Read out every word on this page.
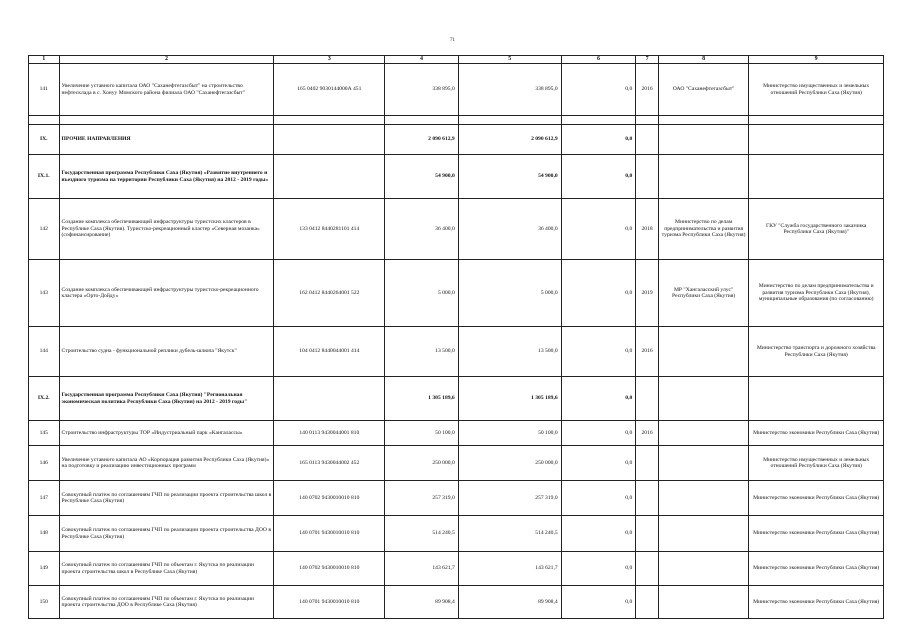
71
1	2	3	4	5	6	7	8	9
141	Увеличение уставного капитала ОАО "Саханефтегазсбыт" на строительство нефтесклада в с. Хонуу Момского района филиала ОАО "Саханефтегазсбыт"	165 0402 9030144000А 451	338 895,0	338 895,0	0,0	2016	ОАО "Саханефтегазсбыт"	Министерство имущественных и земельных отношений Республики Саха (Якутия)

IX.	ПРОЧИЕ НАПРАВЛЕНИЯ		2 090 612,9	2 090 612,9	0,0			
IX.1.	Государственная программа Республики Саха (Якутия) «Развитие внутреннего и въездного туризма на территории Республики Саха (Якутия) на 2012 - 2019 годы»		54 900,0	54 900,0	0,0			
142	Создание комплекса обеспечивающей инфраструктуры туристских кластеров в Республике Саха (Якутия). Туристско-рекреационный кластер «Северная мозаика» (софинансирование)	133 0412 8440281101 414	36 400,0	36 400,0	0,0	2018	Министерство по делам предпринимательства и развития туризма Республики Саха (Якутия)	ГКУ "Служба государственного заказчика Республики Саха (Якутия)"
143	Создание комплекса обеспечивающей инфраструктуры туристско-рекреационного кластера «Орто-Дойду»	162 0412 8440264001 522	5 000,0	5 000,0	0,0	2019	МР "Хангаласский улус" Республики Саха (Якутия)	Министерство по делам предпринимательства и развития туризма Республики Саха (Якутия), муниципальные образования (по согласованию)
144	Строительство судна - функциональной реплики дубель-шлюпа "Якутск"	104 0412 8440044001 414	13 500,0	13 500,0	0,0	2016		Министерство транспорта и дорожного хозяйства Республики Саха (Якутия)
IX.2.	Государственная программа Республики Саха (Якутия) "Региональная экономическая политика Республики Саха (Якутия) на 2012 - 2019 годы"		1 305 189,6	1 305 189,6	0,0			
145	Строительство инфраструктуры ТОР «Индустриальный парк «Кангалассы»	140 0113 9430044001 810	50 100,0	50 100,0	0,0	2016		Министерство экономики Республики Саха (Якутия)
146	Увеличение уставного капитала АО «Корпорация развития Республики Саха (Якутия)» на подготовку и реализацию инвестиционных программ	165 0113 9430044002 452	250 000,0	250 000,0	0,0			Министерство имущественных и земельных отношений Республики Саха (Якутия)
147	Совокупный платеж по соглашениям ГЧП по реализации проекта строительства школ в Республике Саха (Якутия)	140 0702 9430010010 810	257 319,0	257 319,0	0,0			Министерство экономики Республики Саха (Якутия)
148	Совокупный платеж по соглашениям ГЧП по реализации проекта строительства ДОО в Республике Саха (Якутия)	140 0701 9430010010 810	514 240,5	514 240,5	0,0			Министерство экономики Республики Саха (Якутия)
149	Совокупный платеж по соглашениям ГЧП по объектам г. Якутска по реализации проекта строительства школ в Республике Саха (Якутия)	140 0702 9430010010 810	143 621,7	143 621,7	0,0			Министерство экономики Республики Саха (Якутия)
150	Совокупный платеж по соглашениям ГЧП по объектам г. Якутска по реализации проекта строительства ДОО в Республике Саха (Якутия)	140 0701 9430010010 810	89 908,4	89 908,4	0,0			Министерство экономики Республики Саха (Якутия)
